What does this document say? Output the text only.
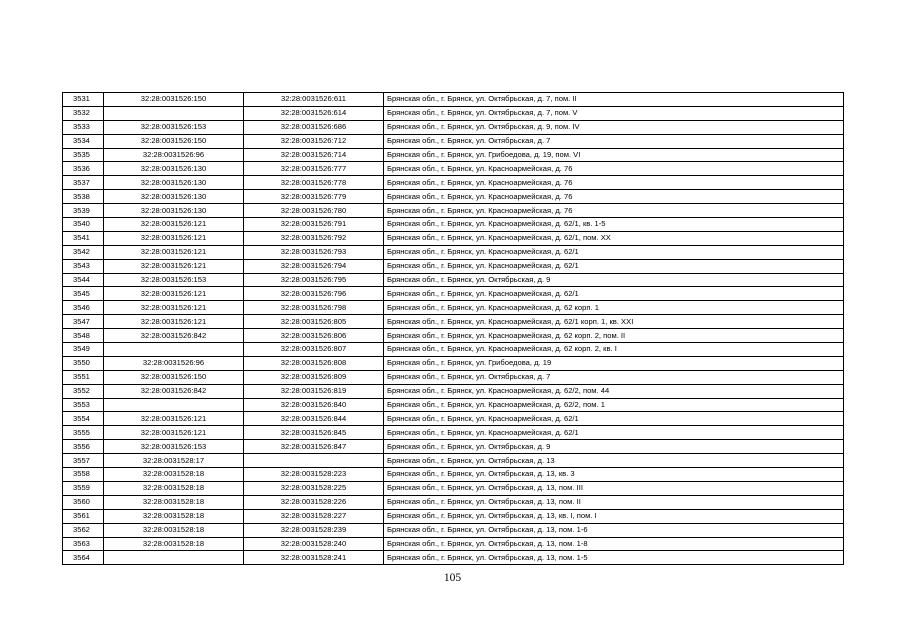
3531	32:28:0031526:150	32:28:0031526:611	Брянская обл., г. Брянск, ул. Октябрьская, д. 7, пом. II
3532		32:28:0031526:614	Брянская обл., г. Брянск, ул. Октябрьская, д. 7, пом. V
3533	32:28:0031526:153	32:28:0031526:686	Брянская обл., г. Брянск, ул. Октябрьская, д. 9, пом. IV
3534	32:28:0031526:150	32:28:0031526:712	Брянская обл., г. Брянск, ул. Октябрьская, д. 7
3535	32:28:0031526:96	32:28:0031526:714	Брянская обл., г. Брянск, ул. Грибоедова, д. 19, пом. VI
3536	32:28:0031526:130	32:28:0031526:777	Брянская обл., г. Брянск, ул. Красноармейская, д. 76
3537	32:28:0031526:130	32:28:0031526:778	Брянская обл., г. Брянск, ул. Красноармейская, д. 76
3538	32:28:0031526:130	32:28:0031526:779	Брянская обл., г. Брянск, ул. Красноармейская, д. 76
3539	32:28:0031526:130	32:28:0031526:780	Брянская обл., г. Брянск, ул. Красноармейская, д. 76
3540	32:28:0031526:121	32:28:0031526:791	Брянская обл., г. Брянск, ул. Красноармейская, д. 62/1, кв. 1-5
3541	32:28:0031526:121	32:28:0031526:792	Брянская обл., г. Брянск, ул. Красноармейская, д. 62/1, пом. XX
3542	32:28:0031526:121	32:28:0031526:793	Брянская обл., г. Брянск, ул. Красноармейская, д. 62/1
3543	32:28:0031526:121	32:28:0031526:794	Брянская обл., г. Брянск, ул. Красноармейская, д. 62/1
3544	32:28:0031526:153	32:28:0031526:795	Брянская обл., г. Брянск, ул. Октябрьская, д. 9
3545	32:28:0031526:121	32:28:0031526:796	Брянская обл., г. Брянск, ул. Красноармейская, д. 62/1
3546	32:28:0031526:121	32:28:0031526:798	Брянская обл., г. Брянск, ул. Красноармейская, д. 62 корп. 1
3547	32:28:0031526:121	32:28:0031526:805	Брянская обл., г. Брянск, ул. Красноармейская, д. 62/1 корп. 1, кв. XXI
3548	32:28:0031526:842	32:28:0031526:806	Брянская обл., г. Брянск, ул. Красноармейская, д. 62 корп. 2, пом. II
3549		32:28:0031526:807	Брянская обл., г. Брянск, ул. Красноармейская, д. 62 корп. 2, кв. I
3550	32:28:0031526:96	32:28:0031526:808	Брянская обл., г. Брянск, ул. Грибоедова, д. 19
3551	32:28:0031526:150	32:28:0031526:809	Брянская обл., г. Брянск, ул. Октябрьская, д. 7
3552	32:28:0031526:842	32:28:0031526:819	Брянская обл., г. Брянск, ул. Красноармейская, д. 62/2, пом. 44
3553		32:28:0031526:840	Брянская обл., г. Брянск, ул. Красноармейская, д. 62/2, пом. 1
3554	32:28:0031526:121	32:28:0031526:844	Брянская обл., г. Брянск, ул. Красноармейская, д. 62/1
3555	32:28:0031526:121	32:28:0031526:845	Брянская обл., г. Брянск, ул. Красноармейская, д. 62/1
3556	32:28:0031526:153	32:28:0031526:847	Брянская обл., г. Брянск, ул. Октябрьская, д. 9
3557	32:28:0031528:17		Брянская обл., г. Брянск, ул. Октябрьская, д. 13
3558	32:28:0031528:18	32:28:0031528:223	Брянская обл., г. Брянск, ул. Октябрьская, д. 13, кв. 3
3559	32:28:0031528:18	32:28:0031528:225	Брянская обл., г. Брянск, ул. Октябрьская, д. 13, пом. III
3560	32:28:0031528:18	32:28:0031528:226	Брянская обл., г. Брянск, ул. Октябрьская, д. 13, пом. II
3561	32:28:0031528:18	32:28:0031528:227	Брянская обл., г. Брянск, ул. Октябрьская, д. 13, кв. I, пом. I
3562	32:28:0031528:18	32:28:0031528:239	Брянская обл., г. Брянск, ул. Октябрьская, д. 13, пом. 1-6
3563	32:28:0031528:18	32:28:0031528:240	Брянская обл., г. Брянск, ул. Октябрьская, д. 13, пом. 1-8
3564		32:28:0031528:241	Брянская обл., г. Брянск, ул. Октябрьская, д. 13, пом. 1-5
105
